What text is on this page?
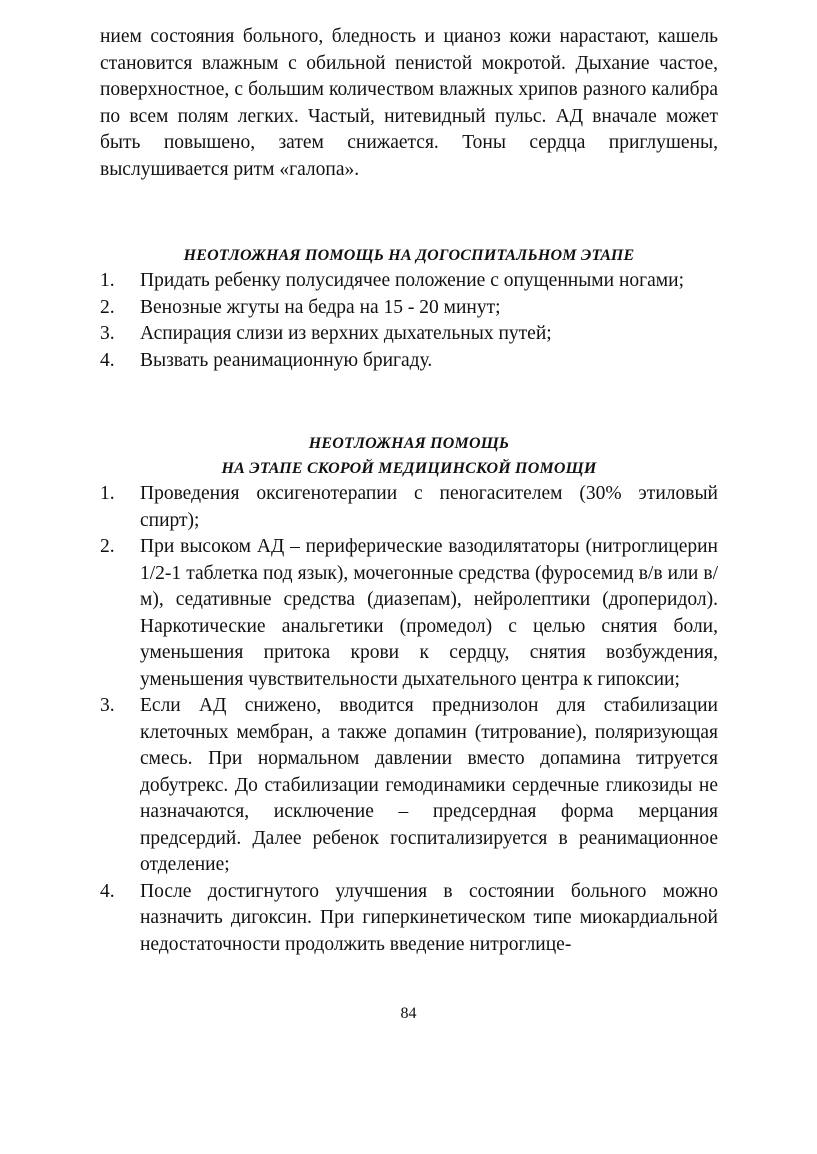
нием состояния больного, бледность и цианоз кожи нарастают, кашель становится влажным с обильной пенистой мокротой. Дыхание частое, поверхностное, с большим количеством влажных хрипов разного калибра по всем полям легких. Частый, нитевидный пульс. АД вначале может быть повышено, затем снижается. Тоны сердца приглушены, выслушивается ритм «галопа».

НЕОТЛОЖНАЯ ПОМОЩЬ НА ДОГОСПИТАЛЬНОМ ЭТАПЕ
1. Придать ребенку полусидячее положение с опущенными ногами;
2. Венозные жгуты на бедра на 15 - 20 минут;
3. Аспирация слизи из верхних дыхательных путей;
4. Вызвать реанимационную бригаду.
НЕОТЛОЖНАЯ ПОМОЩЬ
НА ЭТАПЕ СКОРОЙ МЕДИЦИНСКОЙ ПОМОЩИ
1. Проведения оксигенотерапии с пеногасителем (30% этиловый спирт);
2. При высоком АД – периферические вазодилятаторы (нитроглицерин 1/2-1 таблетка под язык), мочегонные средства (фуросемид в/в или в/м), седативные средства (диазепам), нейролептики (дроперидол). Наркотические анальгетики (промедол) с целью снятия боли, уменьшения притока крови к сердцу, снятия возбуждения, уменьшения чувствительности дыхательного центра к гипоксии;
3. Если АД снижено, вводится преднизолон для стабилизации клеточных мембран, а также допамин (титрование), поляризующая смесь. При нормальном давлении вместо допамина титруется добутрекс. До стабилизации гемодинамики сердечные гликозиды не назначаются, исключение – предсердная форма мерцания предсердий. Далее ребенок госпитализируется в реанимационное отделение;
4. После достигнутого улучшения в состоянии больного можно назначить дигоксин. При гиперкинетическом типе миокардиальной недостаточности продолжить введение нитроглице-
84
